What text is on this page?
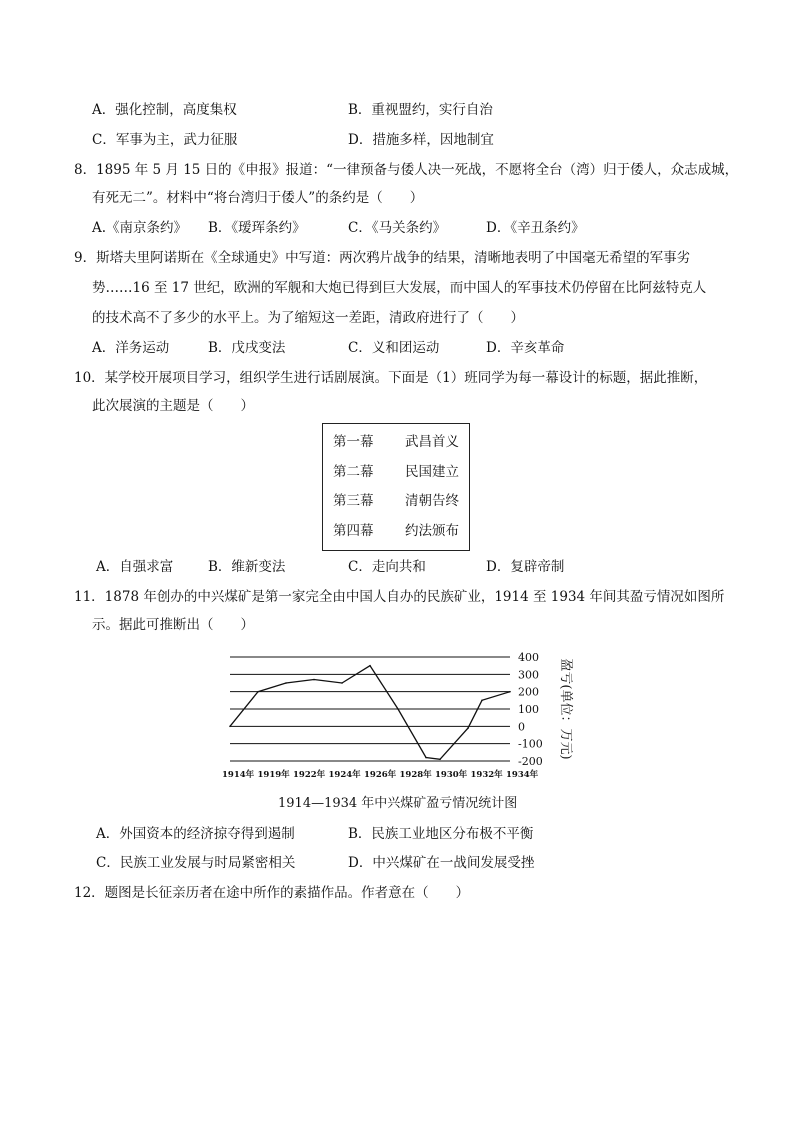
A．强化控制，高度集权	B．重视盟约，实行自治
C．军事为主，武力征服	D．措施多样，因地制宜
8．1895 年 5 月 15 日的《申报》报道：“一律预备与倭人决一死战，不愿将全台（湾）归于倭人，众志成城，
有死无二”。材料中“将台湾归于倭人”的条约是（　　）
A.《南京条约》 B．《瑷珲条约》	C．《马关条约》	D．《辛丑条约》
9．斯塔夫里阿诺斯在《全球通史》中写道：两次鸦片战争的结果，清晰地表明了中国毫无希望的军事劣
势……16 至 17 世纪，欧洲的军舰和大炮已得到巨大发展，而中国人的军事技术仍停留在比阿兹特克人
的技术高不了多少的水平上。为了缩短这一差距，清政府进行了（　　）
A．洋务运动	B．戊戌变法	C．义和团运动	D．辛亥革命
10．某学校开展项目学习，组织学生进行话剧展演。下面是（1）班同学为每一幕设计的标题，据此推断，
此次展演的主题是（　　）
第一幕 武昌首义
第二幕 民国建立
第三幕 清朝告终
第四幕 约法颁布
A．自强求富	B．维新变法	C．走向共和	D．复辟帝制
11．1878 年创办的中兴煤矿是第一家完全由中国人自办的民族矿业，1914 至 1934 年间其盈亏情况如图所
示。据此可推断出（　　）
400
300
200
100
0
-100
-200
1914年 1919年 1922年 1924年 1926年 1928年 1930年 1932年 1934年
盈亏(单位：万元)
1914—1934 年中兴煤矿盈亏情况统计图
A．外国资本的经济掠夺得到遏制	B．民族工业地区分布极不平衡
C．民族工业发展与时局紧密相关	D．中兴煤矿在一战间发展受挫
12．题图是长征亲历者在途中所作的素描作品。作者意在（　　）
